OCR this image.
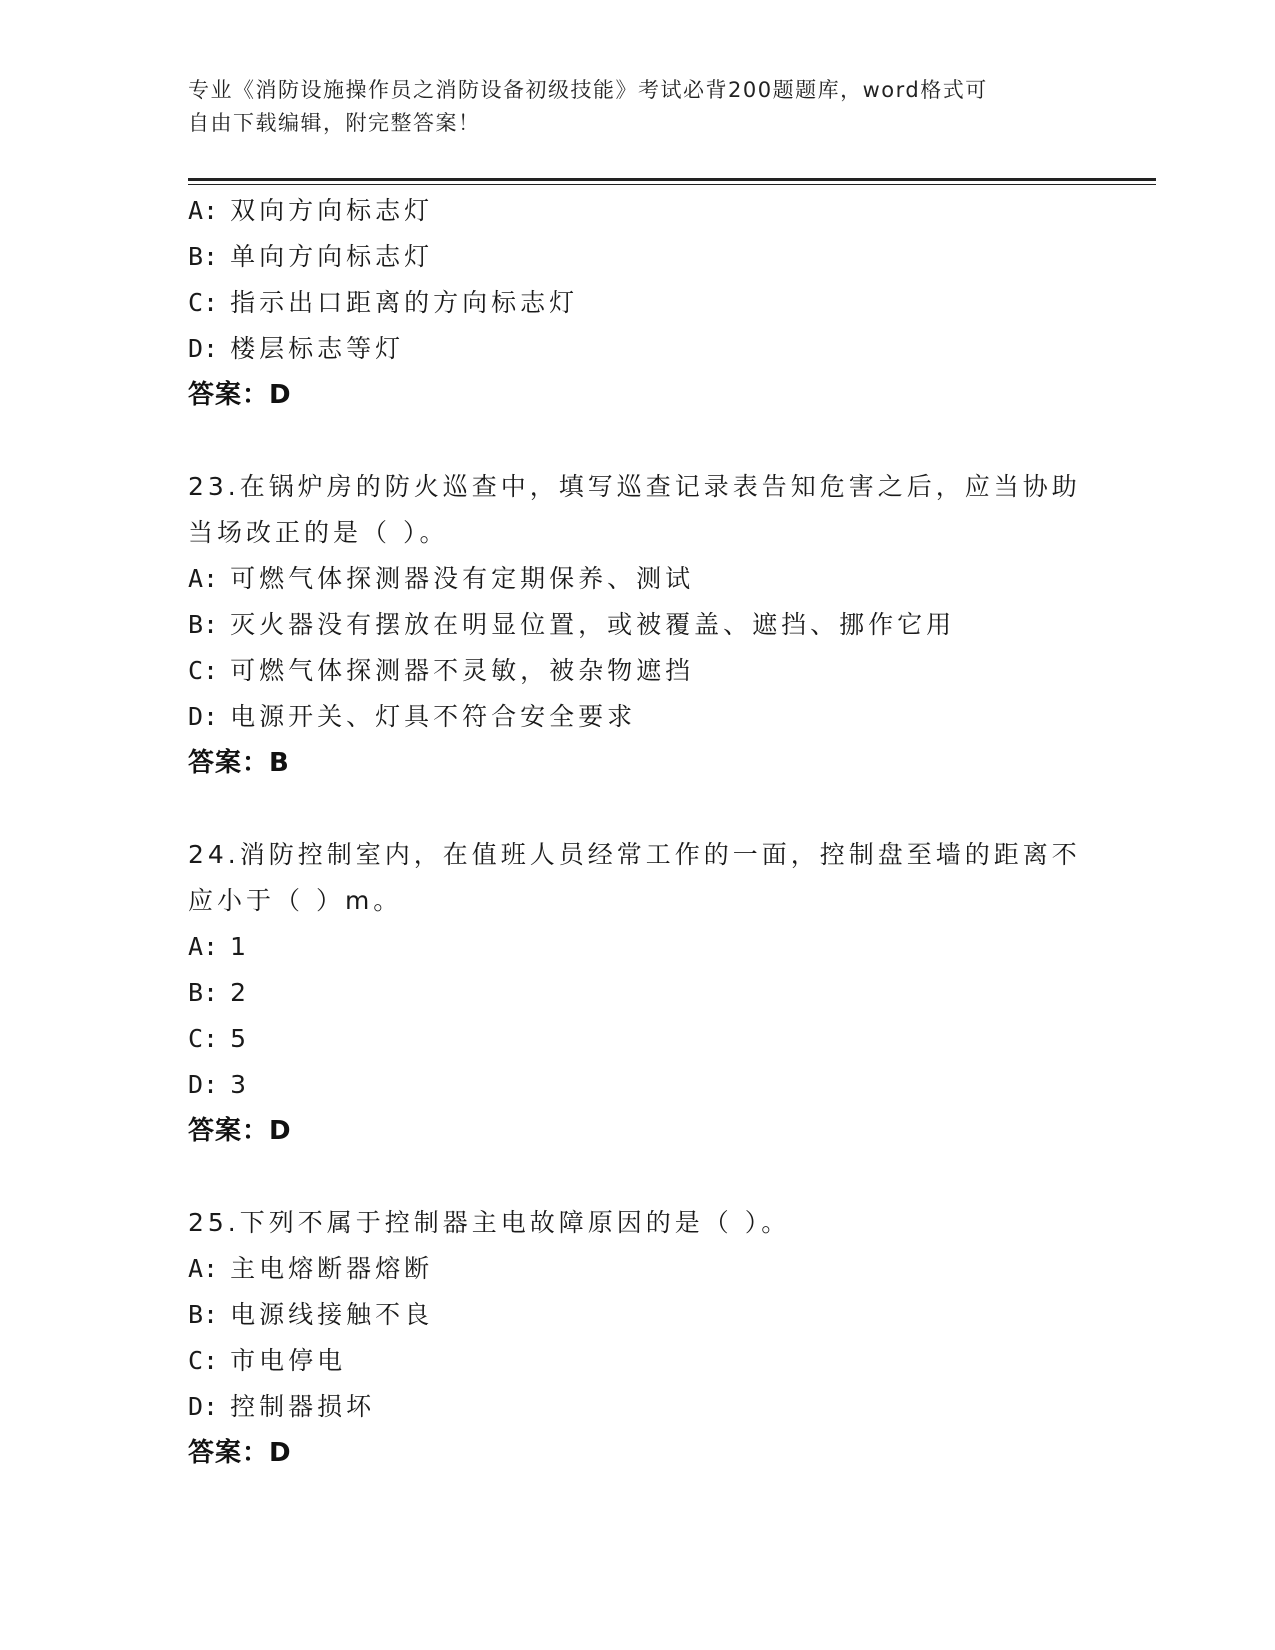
专业《消防设施操作员之消防设备初级技能》考试必背200题题库，word格式可
自由下载编辑，附完整答案！
A: 双向方向标志灯
B: 单向方向标志灯
C: 指示出口距离的方向标志灯
D: 楼层标志等灯
答案：D
23.在锅炉房的防火巡查中，填写巡查记录表告知危害之后，应当协助
当场改正的是（ ）。
A: 可燃气体探测器没有定期保养、测试
B: 灭火器没有摆放在明显位置，或被覆盖、遮挡、挪作它用
C: 可燃气体探测器不灵敏，被杂物遮挡
D: 电源开关、灯具不符合安全要求
答案：B
24.消防控制室内，在值班人员经常工作的一面，控制盘至墙的距离不
应小于（ ）m。
A: 1
B: 2
C: 5
D: 3
答案：D
25.下列不属于控制器主电故障原因的是（ ）。
A: 主电熔断器熔断
B: 电源线接触不良
C: 市电停电
D: 控制器损坏
答案：D
